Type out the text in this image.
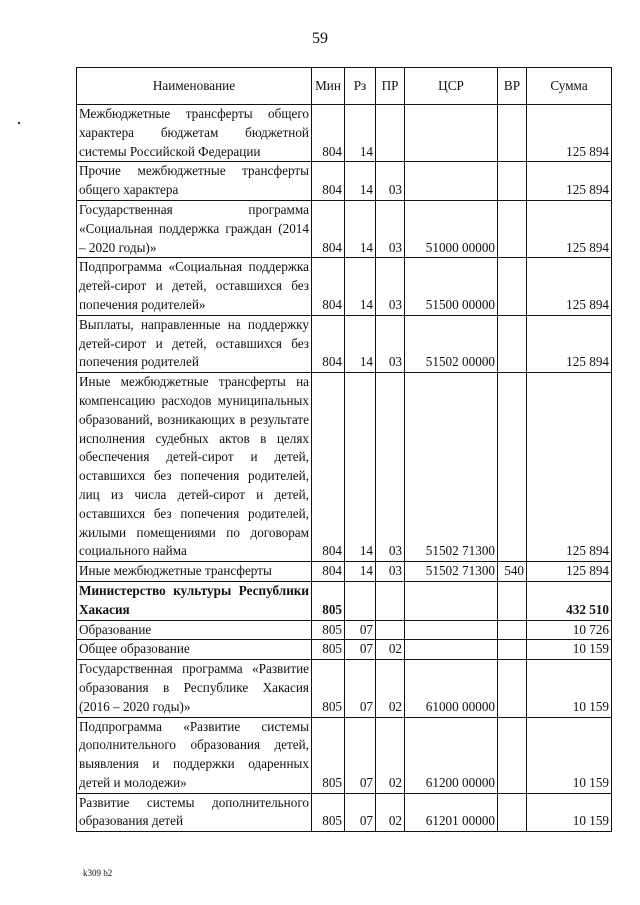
59
Наименование	Мин	Рз	ПР	ЦСР	ВР	Сумма
Межбюджетные трансферты общего характера бюджетам бюджетной системы Российской Федерации	804	14				125 894
Прочие межбюджетные трансферты общего характера	804	14	03			125 894
Государственная программа «Социальная поддержка граждан (2014 – 2020 годы)»	804	14	03	51000 00000		125 894
Подпрограмма «Социальная поддержка детей-сирот и детей, оставшихся без попечения родителей»	804	14	03	51500 00000		125 894
Выплаты, направленные на поддержку детей-сирот и детей, оставшихся без попечения родителей	804	14	03	51502 00000		125 894
Иные межбюджетные трансферты на компенсацию расходов муниципальных образований, возникающих в результате исполнения судебных актов в целях обеспечения детей-сирот и детей, оставшихся без попечения родителей, лиц из числа детей-сирот и детей, оставшихся без попечения родителей, жилыми помещениями по договорам социального найма	804	14	03	51502 71300		125 894
Иные межбюджетные трансферты	804	14	03	51502 71300	540	125 894
Министерство культуры Республики Хакасия	805					432 510
Образование	805	07				10 726
Общее образование	805	07	02			10 159
Государственная программа «Развитие образования в Республике Хакасия (2016 – 2020 годы)»	805	07	02	61000 00000		10 159
Подпрограмма «Развитие системы дополнительного образования детей, выявления и поддержки одаренных детей и молодежи»	805	07	02	61200 00000		10 159
Развитие системы дополнительного образования детей	805	07	02	61201 00000		10 159
k309 b2
